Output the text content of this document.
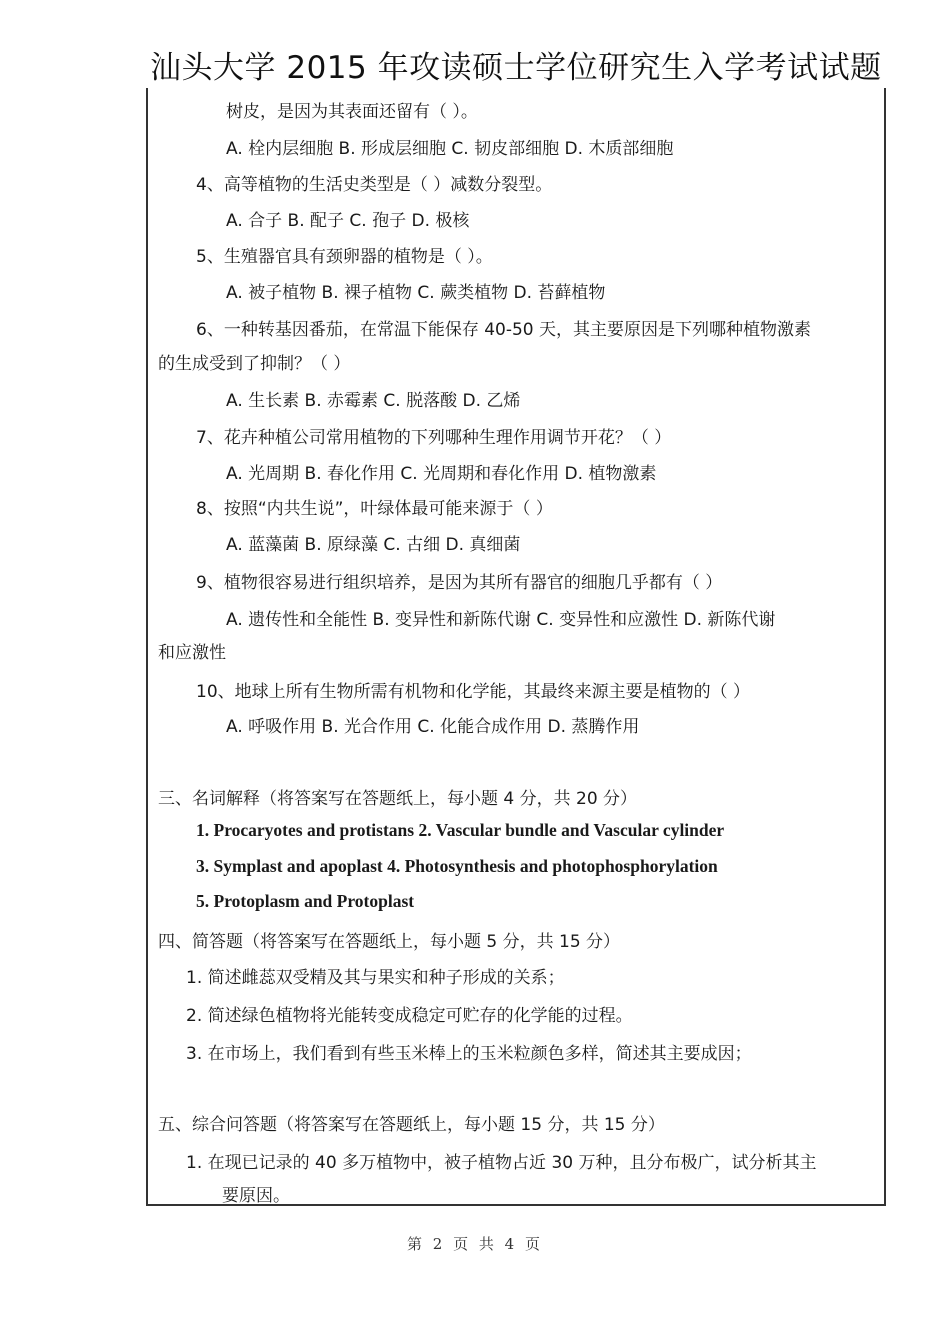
汕头大学 2015 年攻读硕士学位研究生入学考试试题
树皮，是因为其表面还留有（ ）。
A. 栓内层细胞 B. 形成层细胞 C. 韧皮部细胞 D. 木质部细胞
4、高等植物的生活史类型是（ ）减数分裂型。
A. 合子 B. 配子 C. 孢子 D. 极核
5、生殖器官具有颈卵器的植物是（ ）。
A. 被子植物 B. 裸子植物 C. 蕨类植物 D. 苔藓植物
6、一种转基因番茄，在常温下能保存 40-50 天，其主要原因是下列哪种植物激素
的生成受到了抑制？（ ）
A. 生长素 B. 赤霉素 C. 脱落酸 D. 乙烯
7、花卉种植公司常用植物的下列哪种生理作用调节开花？（ ）
A. 光周期 B. 春化作用 C. 光周期和春化作用 D. 植物激素
8、按照“内共生说”，叶绿体最可能来源于（ ）
A. 蓝藻菌 B. 原绿藻 C. 古细 D. 真细菌
9、植物很容易进行组织培养，是因为其所有器官的细胞几乎都有（ ）
A. 遗传性和全能性 B. 变异性和新陈代谢 C. 变异性和应激性 D. 新陈代谢
和应激性
10、地球上所有生物所需有机物和化学能，其最终来源主要是植物的（ ）
A. 呼吸作用 B. 光合作用 C. 化能合成作用 D. 蒸腾作用
三、名词解释（将答案写在答题纸上，每小题 4 分，共 20 分）
1. Procaryotes and protistans 2. Vascular bundle and Vascular cylinder
3. Symplast and apoplast 4. Photosynthesis and photophosphorylation
5. Protoplasm and Protoplast
四、简答题（将答案写在答题纸上，每小题 5 分，共 15 分）
1. 简述雌蕊双受精及其与果实和种子形成的关系；
2. 简述绿色植物将光能转变成稳定可贮存的化学能的过程。
3. 在市场上，我们看到有些玉米棒上的玉米粒颜色多样，简述其主要成因；
五、综合问答题（将答案写在答题纸上，每小题 15 分，共 15 分）
1. 在现已记录的 40 多万植物中，被子植物占近 30 万种，且分布极广，试分析其主
要原因。
第 2 页 共 4 页
